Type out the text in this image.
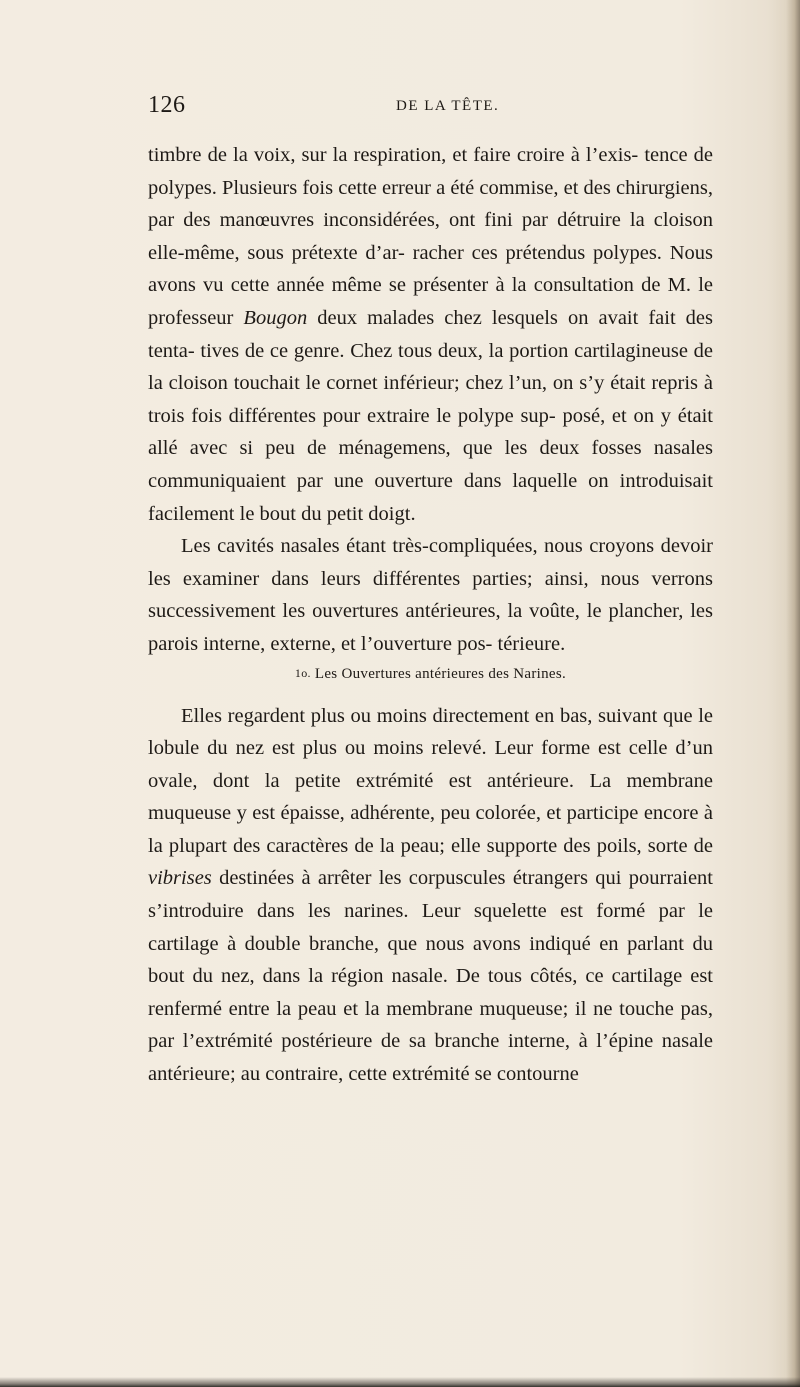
126	DE LA TÊTE.

timbre de la voix, sur la respiration, et faire croire à l’exis- tence de polypes. Plusieurs fois cette erreur a été commise, et des chirurgiens, par des manœuvres inconsidérées, ont fini par détruire la cloison elle-même, sous prétexte d’ar- racher ces prétendus polypes. Nous avons vu cette année même se présenter à la consultation de M. le professeur Bougon deux malades chez lesquels on avait fait des tenta- tives de ce genre. Chez tous deux, la portion cartilagineuse de la cloison touchait le cornet inférieur; chez l’un, on s’y était repris à trois fois différentes pour extraire le polype sup- posé, et on y était allé avec si peu de ménagemens, que les deux fosses nasales communiquaient par une ouverture dans laquelle on introduisait facilement le bout du petit doigt.

Les cavités nasales étant très-compliquées, nous croyons devoir les examiner dans leurs différentes parties; ainsi, nous verrons successivement les ouvertures antérieures, la voûte, le plancher, les parois interne, externe, et l’ouverture pos- térieure.

1o. Les Ouvertures antérieures des Narines.

Elles regardent plus ou moins directement en bas, suivant que le lobule du nez est plus ou moins relevé. Leur forme est celle d’un ovale, dont la petite extrémité est antérieure. La membrane muqueuse y est épaisse, adhérente, peu colorée, et participe encore à la plupart des caractères de la peau; elle supporte des poils, sorte de vibrises destinées à arrêter les corpuscules étrangers qui pourraient s’introduire dans les narines. Leur squelette est formé par le cartilage à double branche, que nous avons indiqué en parlant du bout du nez, dans la région nasale. De tous côtés, ce cartilage est renfermé entre la peau et la membrane muqueuse; il ne touche pas, par l’extrémité postérieure de sa branche interne, à l’épine nasale antérieure; au contraire, cette extrémité se contourne
